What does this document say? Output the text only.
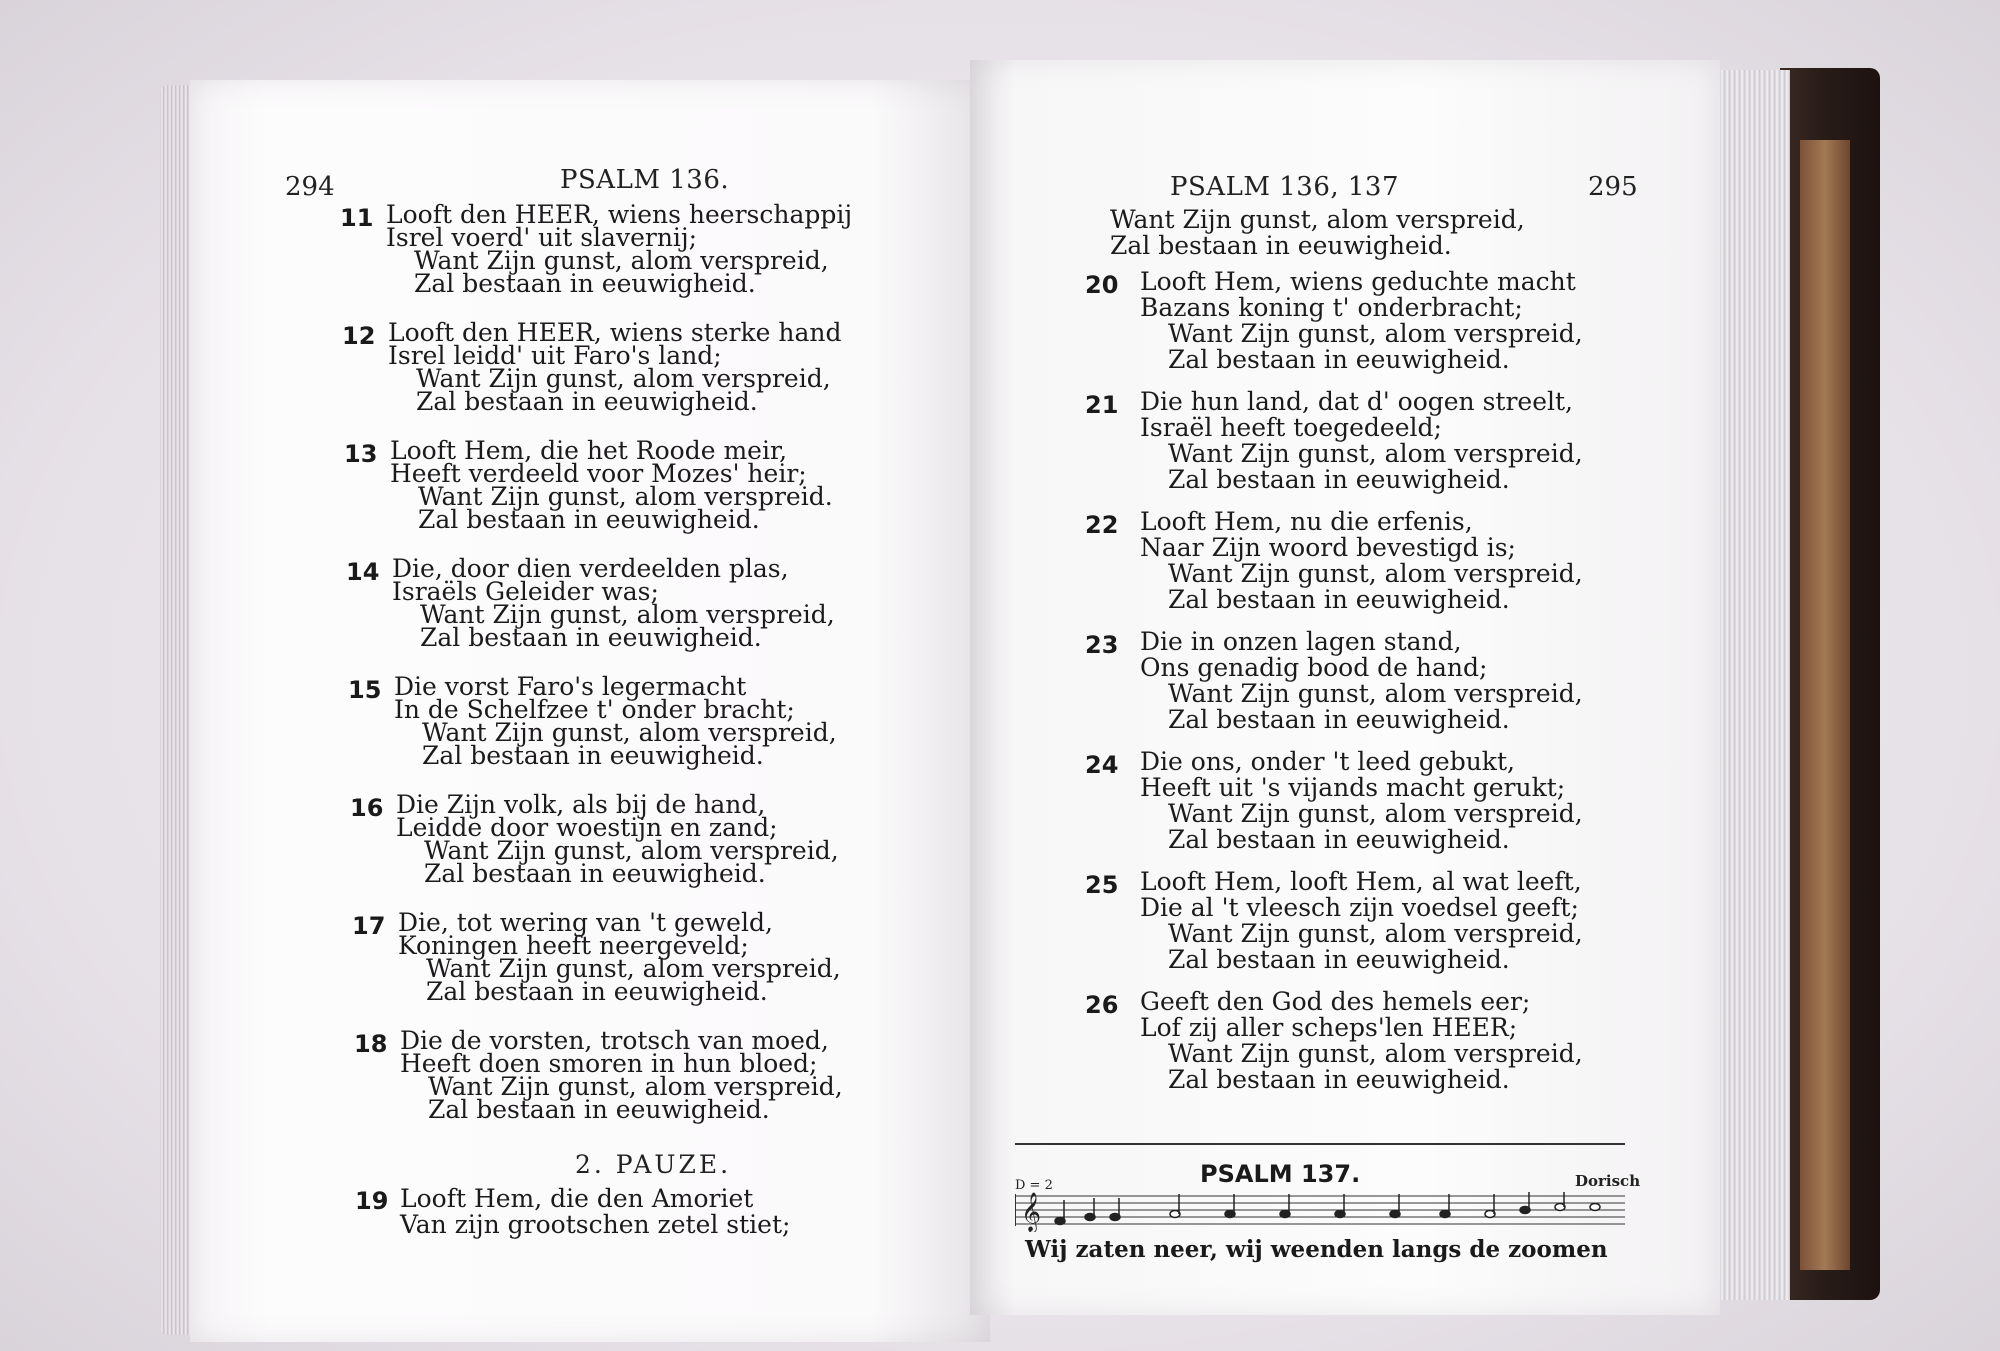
294	PSALM 136.
11 Looft den HEER, wiens heerschappij
Isrel voerd' uit slavernij;
Want Zijn gunst, alom verspreid,
Zal bestaan in eeuwigheid.
12 Looft den HEER, wiens sterke hand
Isrel leidd' uit Faro's land;
Want Zijn gunst, alom verspreid,
Zal bestaan in eeuwigheid.
13 Looft Hem, die het Roode meir,
Heeft verdeeld voor Mozes' heir;
Want Zijn gunst, alom verspreid.
Zal bestaan in eeuwigheid.
14 Die, door dien verdeelden plas,
Israëls Geleider was;
Want Zijn gunst, alom verspreid,
Zal bestaan in eeuwigheid.
15 Die vorst Faro's legermacht
In de Schelfzee t' onder bracht;
Want Zijn gunst, alom verspreid,
Zal bestaan in eeuwigheid.
16 Die Zijn volk, als bij de hand,
Leidde door woestijn en zand;
Want Zijn gunst, alom verspreid,
Zal bestaan in eeuwigheid.
17 Die, tot wering van 't geweld,
Koningen heeft neergeveld;
Want Zijn gunst, alom verspreid,
Zal bestaan in eeuwigheid.
18 Die de vorsten, trotsch van moed,
Heeft doen smoren in hun bloed;
Want Zijn gunst, alom verspreid,
Zal bestaan in eeuwigheid.
2. PAUZE.
19 Looft Hem, die den Amoriet
Van zijn grootschen zetel stiet;
PSALM 136, 137	295
Want Zijn gunst, alom verspreid,
Zal bestaan in eeuwigheid.
20 Looft Hem, wiens geduchte macht
Bazans koning t' onderbracht;
Want Zijn gunst, alom verspreid,
Zal bestaan in eeuwigheid.
21 Die hun land, dat d' oogen streelt,
Israël heeft toegedeeld;
Want Zijn gunst, alom verspreid,
Zal bestaan in eeuwigheid.
22 Looft Hem, nu die erfenis,
Naar Zijn woord bevestigd is;
Want Zijn gunst, alom verspreid,
Zal bestaan in eeuwigheid.
23 Die in onzen lagen stand,
Ons genadig bood de hand;
Want Zijn gunst, alom verspreid,
Zal bestaan in eeuwigheid.
24 Die ons, onder 't leed gebukt,
Heeft uit 's vijands macht gerukt;
Want Zijn gunst, alom verspreid,
Zal bestaan in eeuwigheid.
25 Looft Hem, looft Hem, al wat leeft,
Die al 't vleesch zijn voedsel geeft;
Want Zijn gunst, alom verspreid,
Zal bestaan in eeuwigheid.
26 Geeft den God des hemels eer;
Lof zij aller scheps'len HEER;
Want Zijn gunst, alom verspreid,
Zal bestaan in eeuwigheid.
PSALM 137.	Dorisch
D = 2
𝄞
Wij zaten neer, wij weenden langs de zoomen
